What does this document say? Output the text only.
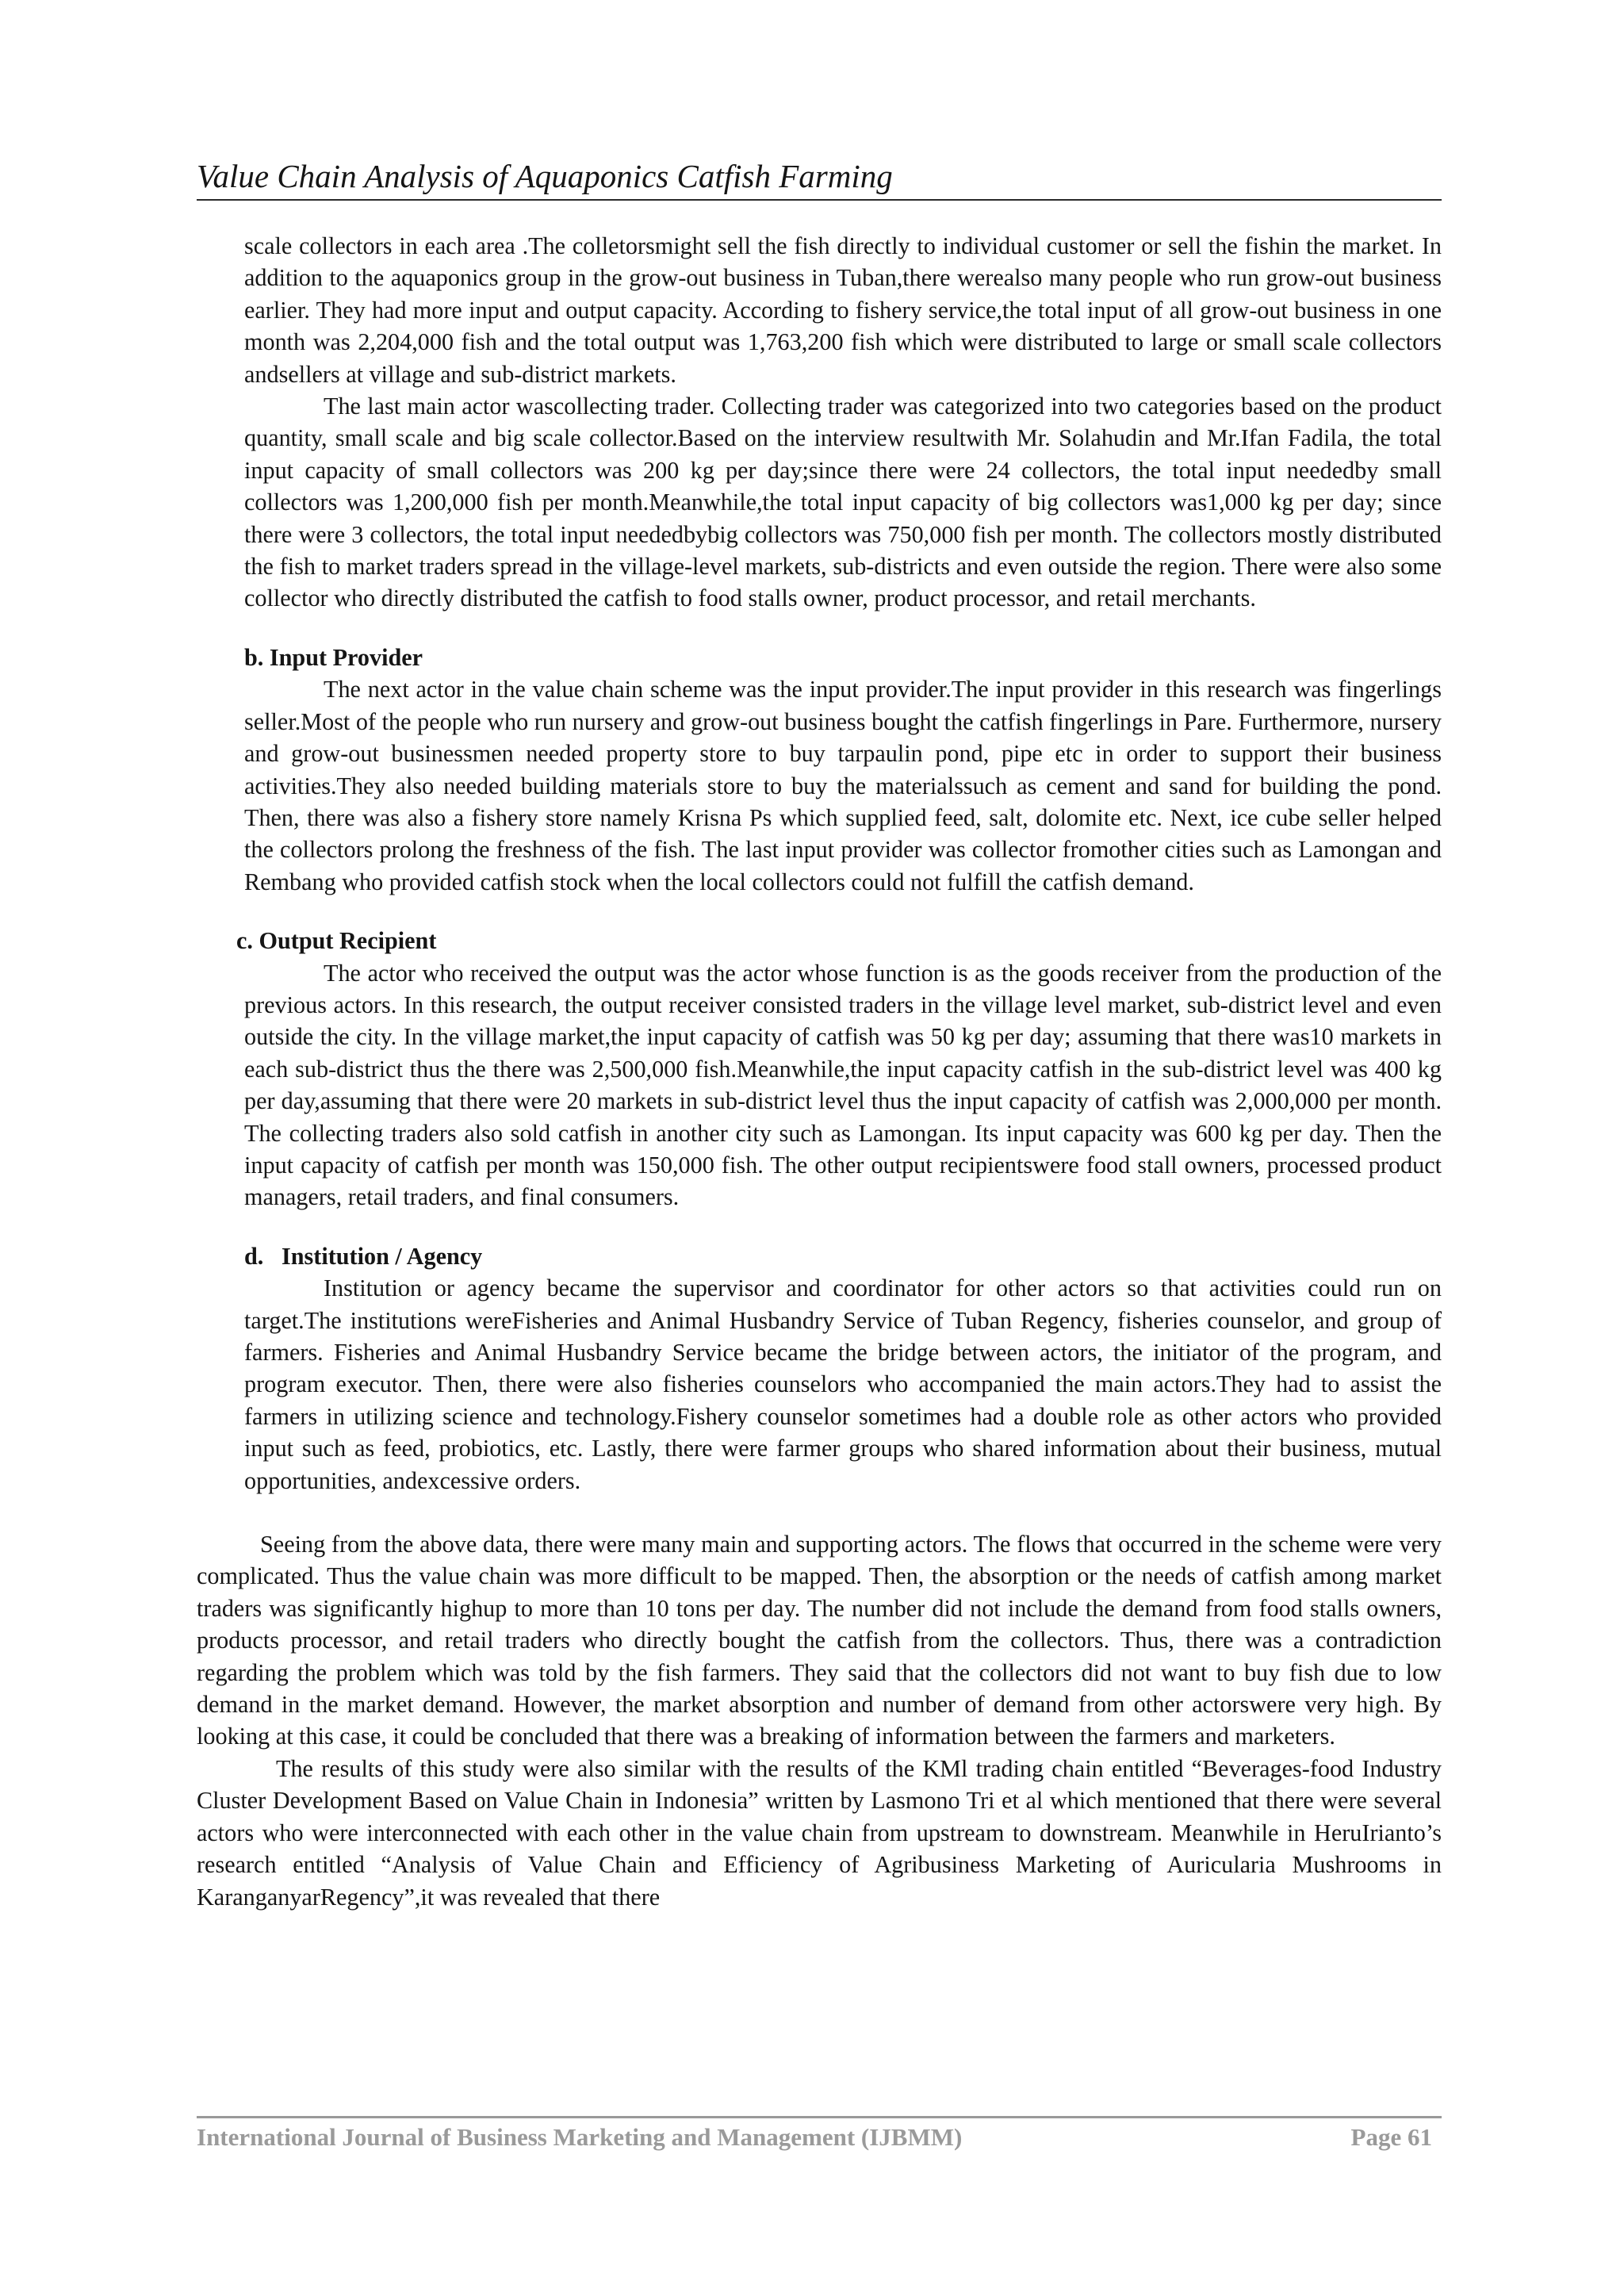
Value Chain Analysis of Aquaponics Catfish Farming

scale collectors in each area .The colletorsmight sell the fish directly to individual customer or sell the fishin the market. In addition to the aquaponics group in the grow-out business in Tuban,there werealso many people who run grow-out business earlier. They had more input and output capacity. According to fishery service,the total input of all grow-out business in one month was 2,204,000 fish and the total output was 1,763,200 fish which were distributed to large or small scale collectors andsellers at village and sub-district markets.

The last main actor wascollecting trader. Collecting trader was categorized into two categories based on the product quantity, small scale and big scale collector.Based on the interview resultwith Mr. Solahudin and Mr.Ifan Fadila, the total input capacity of small collectors was 200 kg per day;since there were 24 collectors, the total input neededby small collectors was 1,200,000 fish per month.Meanwhile,the total input capacity of big collectors was1,000 kg per day; since there were 3 collectors, the total input neededbybig collectors was 750,000 fish per month. The collectors mostly distributed the fish to market traders spread in the village-level markets, sub-districts and even outside the region. There were also some collector who directly distributed the catfish to food stalls owner, product processor, and retail merchants.

b. Input Provider

The next actor in the value chain scheme was the input provider.The input provider in this research was fingerlings seller.Most of the people who run nursery and grow-out business bought the catfish fingerlings in Pare. Furthermore, nursery and grow-out businessmen needed property store to buy tarpaulin pond, pipe etc in order to support their business activities.They also needed building materials store to buy the materialssuch as cement and sand for building the pond. Then, there was also a fishery store namely Krisna Ps which supplied feed, salt, dolomite etc. Next, ice cube seller helped the collectors prolong the freshness of the fish. The last input provider was collector fromother cities such as Lamongan and Rembang who provided catfish stock when the local collectors could not fulfill the catfish demand.

c. Output Recipient

The actor who received the output was the actor whose function is as the goods receiver from the production of the previous actors. In this research, the output receiver consisted traders in the village level market, sub-district level and even outside the city. In the village market,the input capacity of catfish was 50 kg per day; assuming that there was10 markets in each sub-district thus the there was 2,500,000 fish.Meanwhile,the input capacity catfish in the sub-district level was 400 kg per day,assuming that there were 20 markets in sub-district level thus the input capacity of catfish was 2,000,000 per month. The collecting traders also sold catfish in another city such as Lamongan. Its input capacity was 600 kg per day. Then the input capacity of catfish per month was 150,000 fish. The other output recipientswere food stall owners, processed product managers, retail traders, and final consumers.

d.   Institution / Agency

Institution or agency became the supervisor and coordinator for other actors so that activities could run on target.The institutions wereFisheries and Animal Husbandry Service of Tuban Regency, fisheries counselor, and group of farmers. Fisheries and Animal Husbandry Service became the bridge between actors, the initiator of the program, and program executor. Then, there were also fisheries counselors who accompanied the main actors.They had to assist the farmers in utilizing science and technology.Fishery counselor sometimes had a double role as other actors who provided input such as feed, probiotics, etc. Lastly, there were farmer groups who shared information about their business, mutual opportunities, andexcessive orders.

Seeing from the above data, there were many main and supporting actors. The flows that occurred in the scheme were very complicated. Thus the value chain was more difficult to be mapped. Then, the absorption or the needs of catfish among market traders was significantly highup to more than 10 tons per day. The number did not include the demand from food stalls owners, products processor, and retail traders who directly bought the catfish from the collectors. Thus, there was a contradiction regarding the problem which was told by the fish farmers. They said that the collectors did not want to buy fish due to low demand in the market demand. However, the market absorption and number of demand from other actorswere very high. By looking at this case, it could be concluded that there was a breaking of information between the farmers and marketers.

The results of this study were also similar with the results of the KMl trading chain entitled “Beverages-food Industry Cluster Development Based on Value Chain in Indonesia” written by Lasmono Tri et al which mentioned that there were several actors who were interconnected with each other in the value chain from upstream to downstream. Meanwhile in HeruIrianto’s research entitled “Analysis of Value Chain and Efficiency of Agribusiness Marketing of Auricularia Mushrooms in KaranganyarRegency”,it was revealed that there

International Journal of Business Marketing and Management (IJBMM)	Page 61
